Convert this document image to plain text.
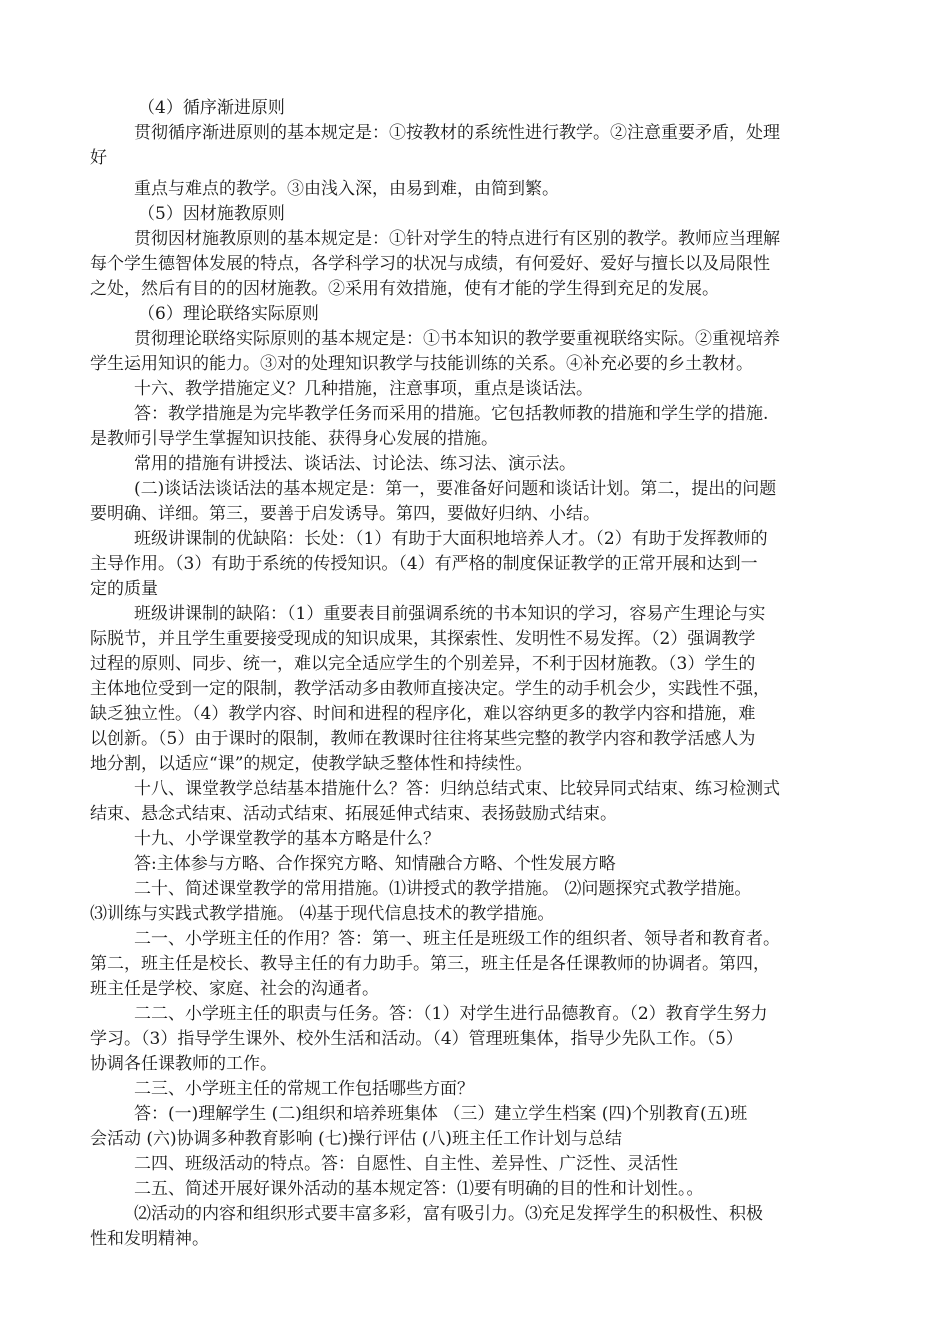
（4）循序渐进原则
贯彻循序渐进原则的基本规定是：①按教材的系统性进行教学。②注意重要矛盾，处理
好
重点与难点的教学。③由浅入深，由易到难，由简到繁。
（5）因材施教原则
贯彻因材施教原则的基本规定是：①针对学生的特点进行有区别的教学。教师应当理解
每个学生德智体发展的特点，各学科学习的状况与成绩，有何爱好、爱好与擅长以及局限性
之处，然后有目的的因材施教。②采用有效措施，使有才能的学生得到充足的发展。
（6）理论联络实际原则
贯彻理论联络实际原则的基本规定是：①书本知识的教学要重视联络实际。②重视培养
学生运用知识的能力。③对的处理知识教学与技能训练的关系。④补充必要的乡土教材。
十六、教学措施定义？几种措施，注意事项，重点是谈话法。
答：教学措施是为完毕教学任务而采用的措施。它包括教师教的措施和学生学的措施.
是教师引导学生掌握知识技能、获得身心发展的措施。
常用的措施有讲授法、谈话法、讨论法、练习法、演示法。
(二)谈话法谈话法的基本规定是：第一，要准备好问题和谈话计划。第二，提出的问题
要明确、详细。第三，要善于启发诱导。第四，要做好归纳、小结。
班级讲课制的优缺陷：长处：（1）有助于大面积地培养人才。（2）有助于发挥教师的
主导作用。（3）有助于系统的传授知识。（4）有严格的制度保证教学的正常开展和达到一
定的质量
班级讲课制的缺陷：（1）重要表目前强调系统的书本知识的学习，容易产生理论与实
际脱节，并且学生重要接受现成的知识成果，其探索性、发明性不易发挥。（2）强调教学
过程的原则、同步、统一，难以完全适应学生的个别差异，不利于因材施教。（3）学生的
主体地位受到一定的限制，教学活动多由教师直接决定。学生的动手机会少，实践性不强，
缺乏独立性。（4）教学内容、时间和进程的程序化，难以容纳更多的教学内容和措施，难
以创新。（5）由于课时的限制，教师在教课时往往将某些完整的教学内容和教学活感人为
地分割，以适应“课”的规定，使教学缺乏整体性和持续性。
十八、课堂教学总结基本措施什么？答：归纳总结式束、比较异同式结束、练习检测式
结束、悬念式结束、活动式结束、拓展延伸式结束、表扬鼓励式结束。
十九、小学课堂教学的基本方略是什么？
答:主体参与方略、合作探究方略、知情融合方略、个性发展方略
二十、简述课堂教学的常用措施。⑴讲授式的教学措施。 ⑵问题探究式教学措施。
⑶训练与实践式教学措施。 ⑷基于现代信息技术的教学措施。
二一、小学班主任的作用？答：第一、班主任是班级工作的组织者、领导者和教育者。
第二，班主任是校长、教导主任的有力助手。第三，班主任是各任课教师的协调者。第四，
班主任是学校、家庭、社会的沟通者。
二二、小学班主任的职责与任务。答：（1）对学生进行品德教育。（2）教育学生努力
学习。（3）指导学生课外、校外生活和活动。（4）管理班集体，指导少先队工作。（5）
协调各任课教师的工作。
二三、小学班主任的常规工作包括哪些方面？
答：(一)理解学生 (二)组织和培养班集体 （三）建立学生档案 (四)个别教育(五)班
会活动 (六)协调多种教育影响 (七)操行评估 (八)班主任工作计划与总结
二四、班级活动的特点。答：自愿性、自主性、差异性、广泛性、灵活性
二五、简述开展好课外活动的基本规定答：⑴要有明确的目的性和计划性。。
⑵活动的内容和组织形式要丰富多彩，富有吸引力。⑶充足发挥学生的积极性、积极
性和发明精神。
